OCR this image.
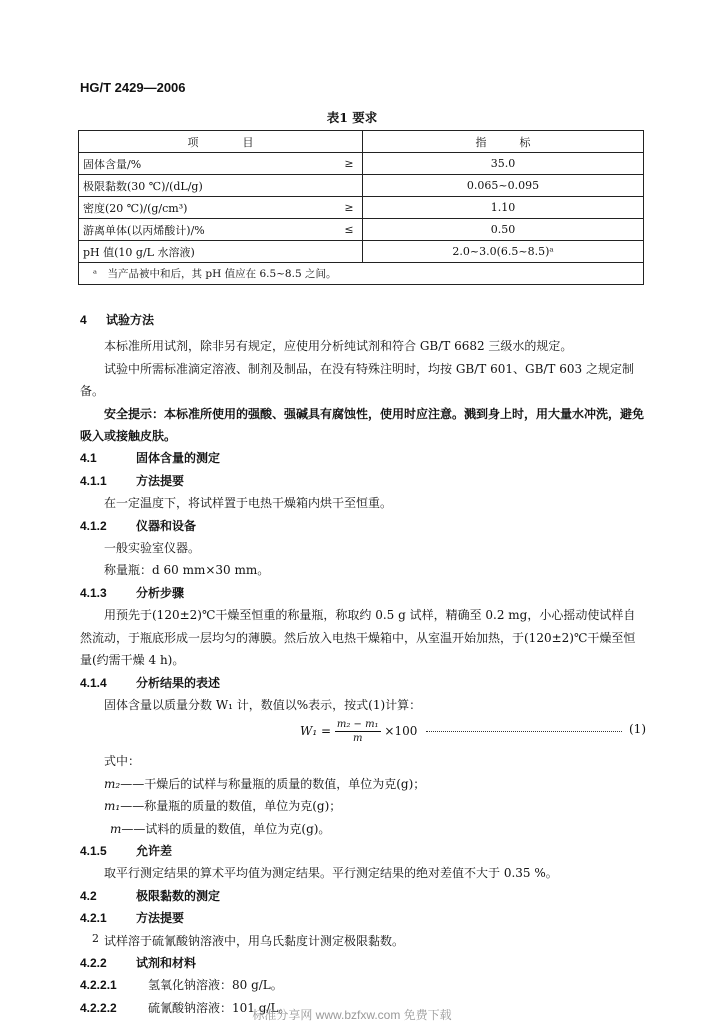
HG/T 2429—2006
表1 要求
项　　　　目		指　　　标
固体含量/%	≥	35.0
极限黏数(30 ℃)/(dL/g)		0.065~0.095
密度(20 ℃)/(g/cm³)	≥	1.10
游离单体(以丙烯酸计)/%	≤	0.50
pH 值(10 g/L 水溶液)		2.0~3.0(6.5~8.5)ᵃ
ᵃ　当产品被中和后，其 pH 值应在 6.5~8.5 之间。		
4 试验方法
本标准所用试剂，除非另有规定，应使用分析纯试剂和符合 GB/T 6682 三级水的规定。
试验中所需标准滴定溶液、制剂及制品，在没有特殊注明时，均按 GB/T 601、GB/T 603 之规定制备。
安全提示：本标准所使用的强酸、强碱具有腐蚀性，使用时应注意。溅到身上时，用大量水冲洗，避免吸入或接触皮肤。
4.1	固体含量的测定
4.1.1 方法提要
在一定温度下，将试样置于电热干燥箱内烘干至恒重。
4.1.2 仪器和设备
一般实验室仪器。
称量瓶：d 60 mm×30 mm。
4.1.3 分析步骤
用预先于(120±2)℃干燥至恒重的称量瓶，称取约 0.5 g 试样，精确至 0.2 mg，小心摇动使试样自然流动，于瓶底形成一层均匀的薄膜。然后放入电热干燥箱中，从室温开始加热，于(120±2)℃干燥至恒量(约需干燥 4 h)。
4.1.4 分析结果的表述
固体含量以质量分数 W₁ 计，数值以%表示，按式(1)计算：
$W_1 = \frac{\text{m₂ − m₁}}{m} \times 100$	(1)
式中：
m₂——干燥后的试样与称量瓶的质量的数值，单位为克(g)；
m₁——称量瓶的质量的数值，单位为克(g)；
m——试料的质量的数值，单位为克(g)。
4.1.5 允许差
取平行测定结果的算术平均值为测定结果。平行测定结果的绝对差值不大于 0.35 %。
4.2	极限黏数的测定
4.2.1 方法提要
试样溶于硫氰酸钠溶液中，用乌氏黏度计测定极限黏数。
4.2.2 试剂和材料
4.2.2.1	氢氧化钠溶液：80 g/L。
4.2.2.2	硫氰酸钠溶液：101 g/L。
2
标准分享网 www.bzfxw.com 免费下载
